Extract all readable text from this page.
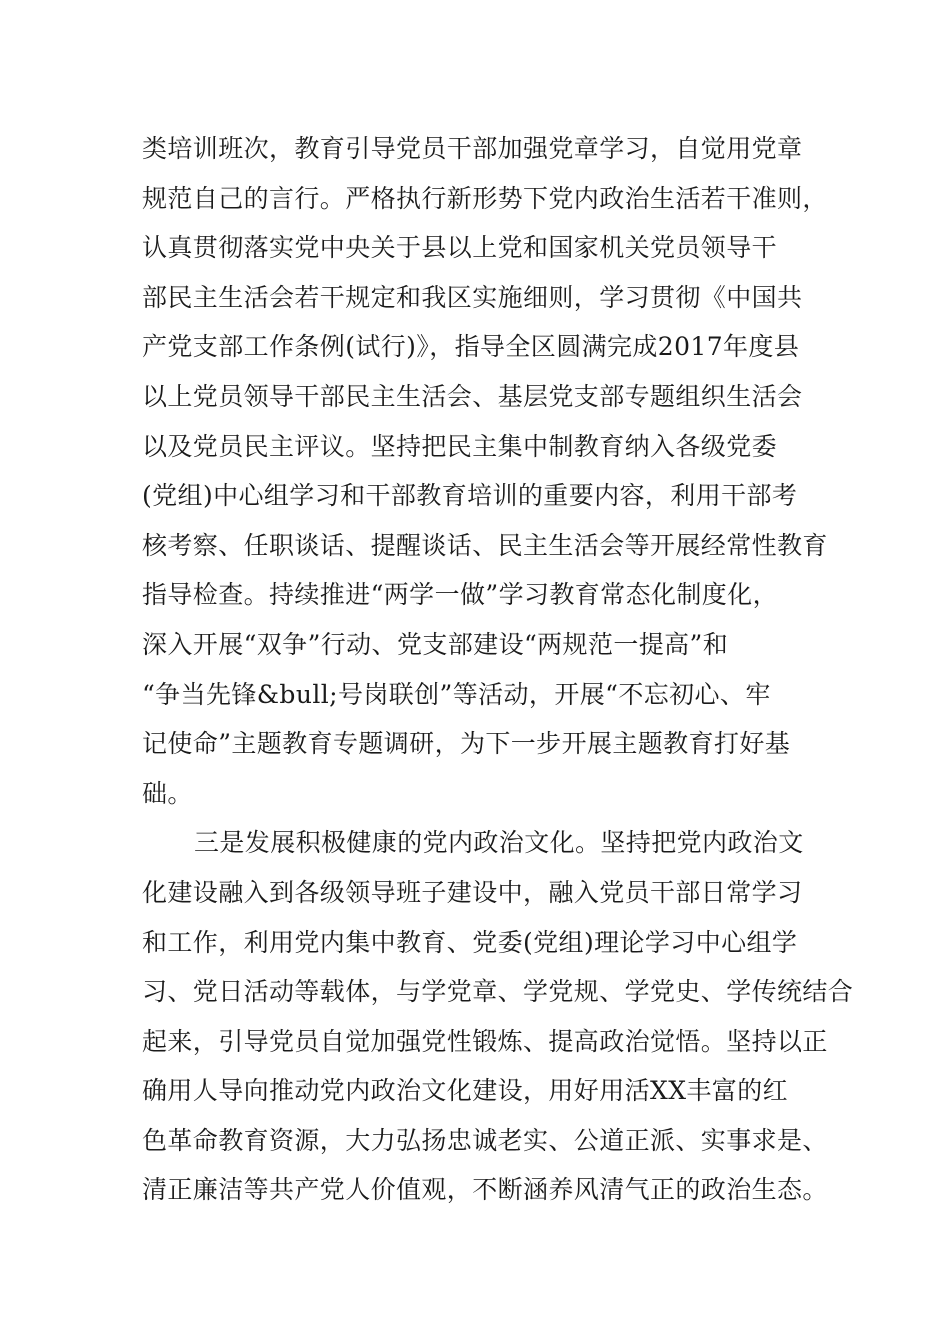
类培训班次，教育引导党员干部加强党章学习，自觉用党章
规范自己的言行。严格执行新形势下党内政治生活若干准则，
认真贯彻落实党中央关于县以上党和国家机关党员领导干
部民主生活会若干规定和我区实施细则，学习贯彻《中国共
产党支部工作条例(试行)》，指导全区圆满完成2017年度县
以上党员领导干部民主生活会、基层党支部专题组织生活会
以及党员民主评议。坚持把民主集中制教育纳入各级党委
(党组)中心组学习和干部教育培训的重要内容，利用干部考
核考察、任职谈话、提醒谈话、民主生活会等开展经常性教育
指导检查。持续推进“两学一做”学习教育常态化制度化，
深入开展“双争”行动、党支部建设“两规范一提高”和
“争当先锋&bull;号岗联创”等活动，开展“不忘初心、牢
记使命”主题教育专题调研，为下一步开展主题教育打好基
础。
三是发展积极健康的党内政治文化。坚持把党内政治文
化建设融入到各级领导班子建设中，融入党员干部日常学习
和工作，利用党内集中教育、党委(党组)理论学习中心组学
习、党日活动等载体，与学党章、学党规、学党史、学传统结合
起来，引导党员自觉加强党性锻炼、提高政治觉悟。坚持以正
确用人导向推动党内政治文化建设，用好用活XX丰富的红
色革命教育资源，大力弘扬忠诚老实、公道正派、实事求是、
清正廉洁等共产党人价值观，不断涵养风清气正的政治生态。
